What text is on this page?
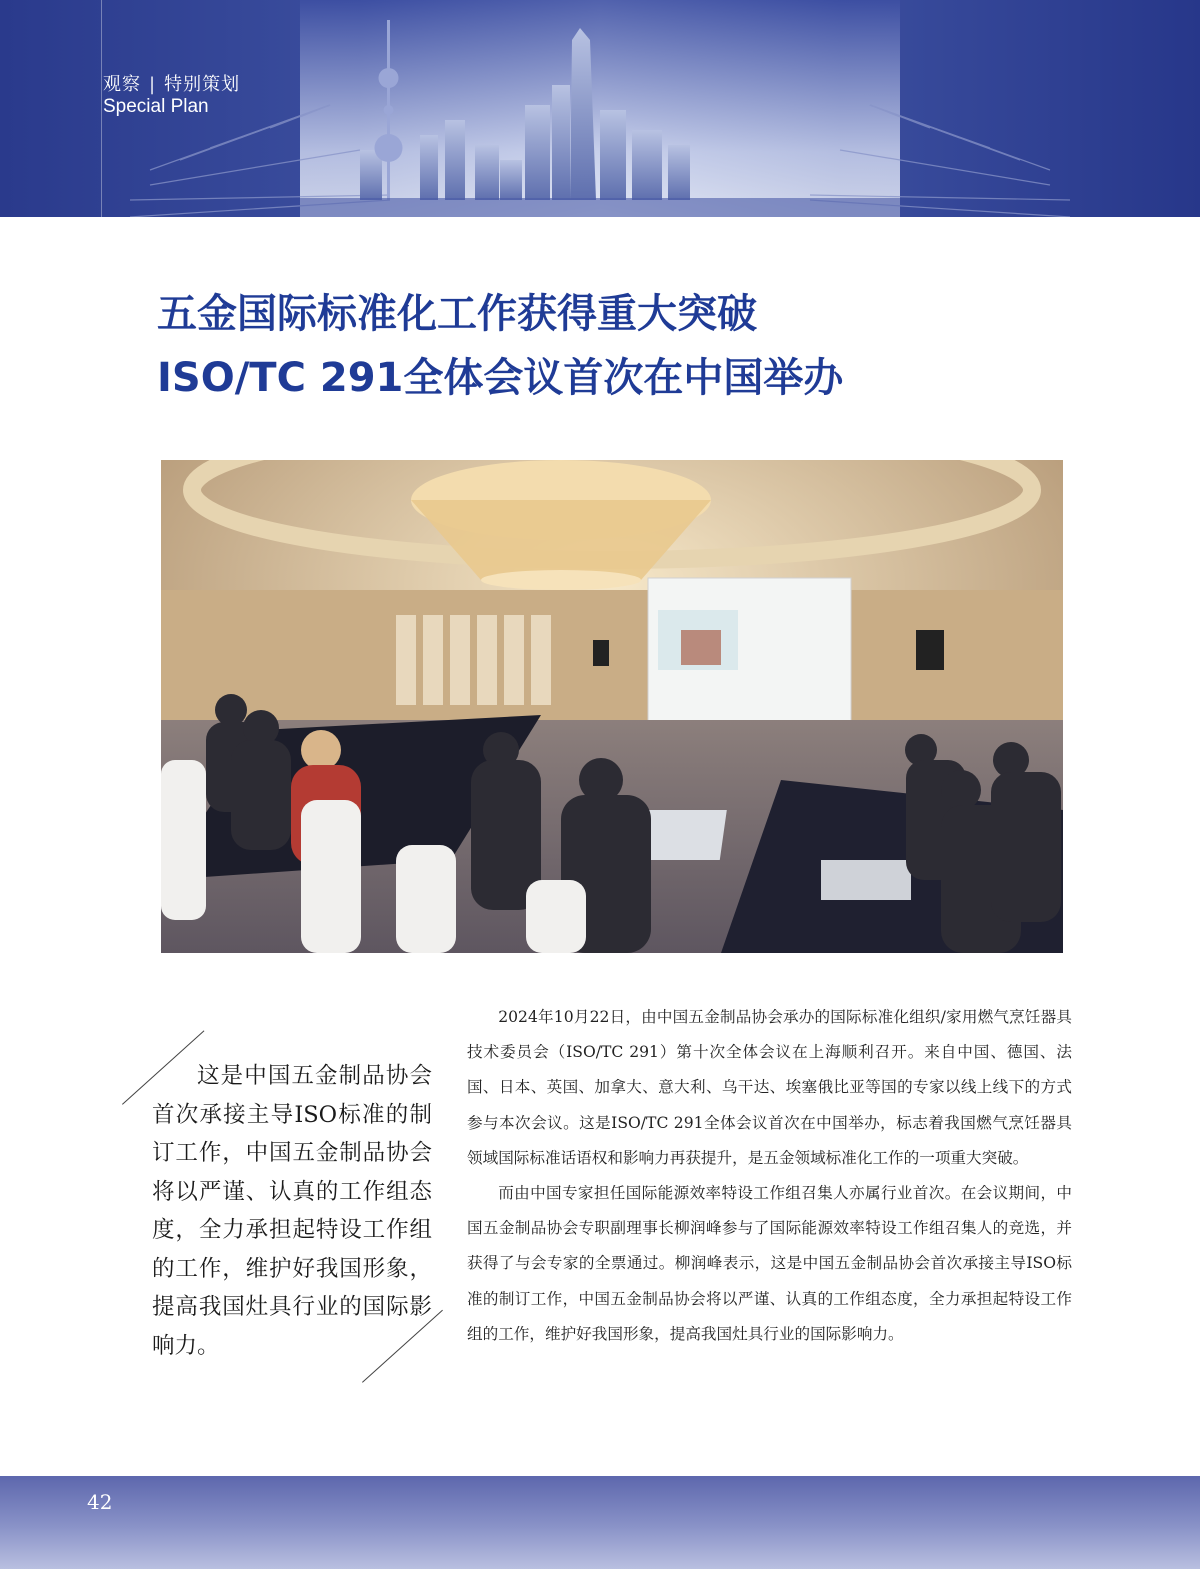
观察 | 特别策划
Special Plan
五金国际标准化工作获得重大突破
ISO/TC 291全体会议首次在中国举办
这是中国五金制品协会首次承接主导ISO标准的制订工作，中国五金制品协会将以严谨、认真的工作组态度，全力承担起特设工作组的工作，维护好我国形象，提高我国灶具行业的国际影响力。

2024年10月22日，由中国五金制品协会承办的国际标准化组织/家用燃气烹饪器具技术委员会（ISO/TC 291）第十次全体会议在上海顺利召开。来自中国、德国、法国、日本、英国、加拿大、意大利、乌干达、埃塞俄比亚等国的专家以线上线下的方式参与本次会议。这是ISO/TC 291全体会议首次在中国举办，标志着我国燃气烹饪器具领域国际标准话语权和影响力再获提升，是五金领域标准化工作的一项重大突破。

而由中国专家担任国际能源效率特设工作组召集人亦属行业首次。在会议期间，中国五金制品协会专职副理事长柳润峰参与了国际能源效率特设工作组召集人的竞选，并获得了与会专家的全票通过。柳润峰表示，这是中国五金制品协会首次承接主导ISO标准的制订工作，中国五金制品协会将以严谨、认真的工作组态度，全力承担起特设工作组的工作，维护好我国形象，提高我国灶具行业的国际影响力。

42
